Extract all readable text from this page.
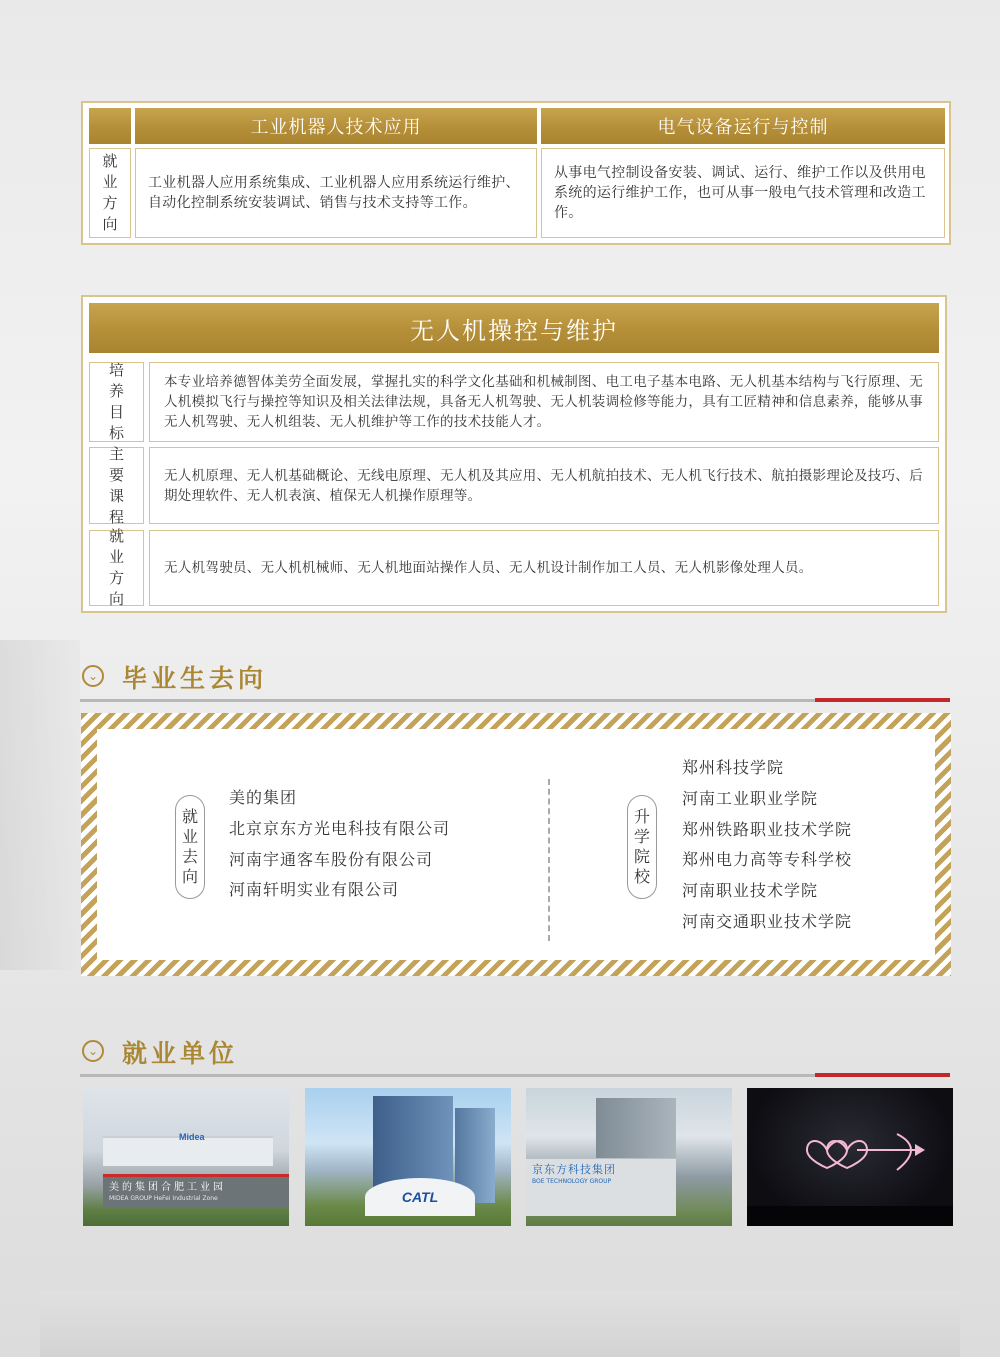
工业机器人技术应用	电气设备运行与控制
就
业
方
向

工业机器人应用系统集成、工业机器人应用系统运行维护、自动化控制系统安装调试、销售与技术支持等工作。

从事电气控制设备安装、调试、运行、维护工作以及供用电系统的运行维护工作，也可从事一般电气技术管理和改造工作。

无人机操控与维护
培
养
目
标

本专业培养德智体美劳全面发展，掌握扎实的科学文化基础和机械制图、电工电子基本电路、无人机基本结构与飞行原理、无人机模拟飞行与操控等知识及相关法律法规，具备无人机驾驶、无人机装调检修等能力，具有工匠精神和信息素养，能够从事无人机驾驶、无人机组装、无人机维护等工作的技术技能人才。

主
要
课
程

无人机原理、无人机基础概论、无线电原理、无人机及其应用、无人机航拍技术、无人机飞行技术、航拍摄影理论及技巧、后期处理软件、无人机表演、植保无人机操作原理等。

就
业
方
向

无人机驾驶员、无人机机械师、无人机地面站操作人员、无人机设计制作加工人员、无人机影像处理人员。

⌄ 毕业生去向
就
业
去
向
美的集团
北京京东方光电科技有限公司
河南宇通客车股份有限公司
河南轩明实业有限公司
升
学
院
校
郑州科技学院
河南工业职业学院
郑州铁路职业技术学院
郑州电力高等专科学校
河南职业技术学院
河南交通职业技术学院
⌄ 就业单位
Midea
美的集团合肥工业园
MIDEA GROUP HeFei Industrial Zone	CATL
京东方科技集团
BOE TECHNOLOGY GROUP
